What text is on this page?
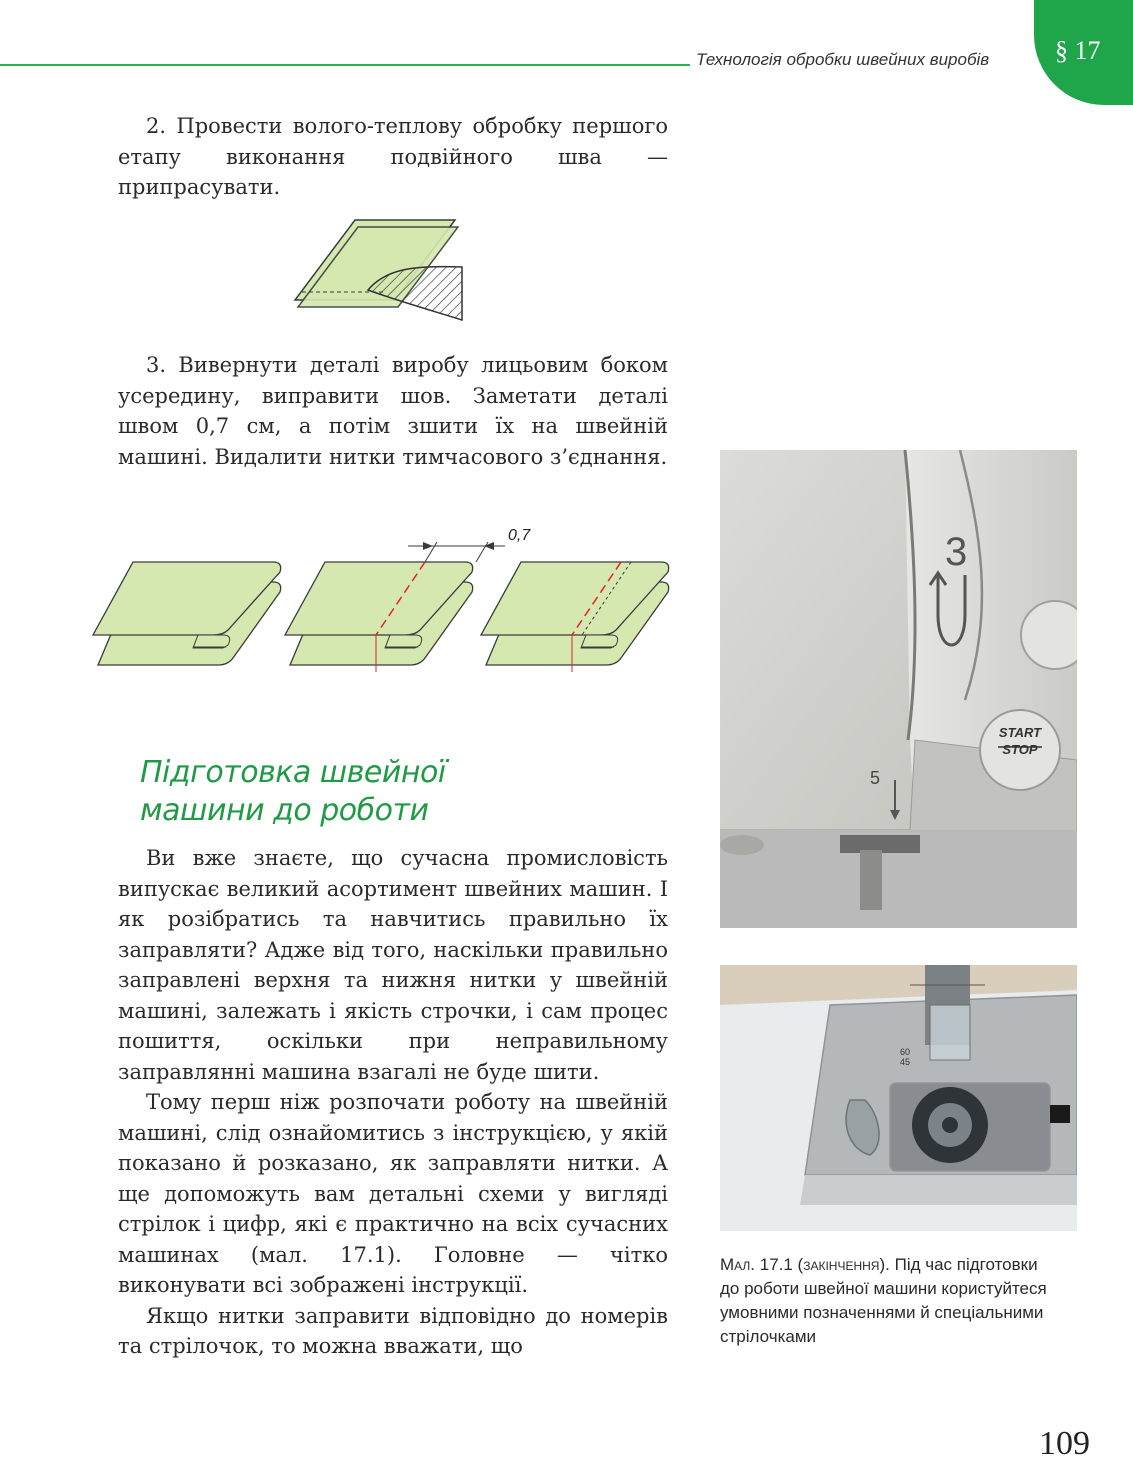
Технологія обробки швейних виробів	§ 17

2. Провести волого-теплову обробку першого етапу виконання подвійного шва — припрасувати.

3. Вивернути деталі виробу лицьовим боком усередину, виправити шов. Заметати деталі швом 0,7 см, а потім зшити їх на швейній машині. Видалити нитки тимчасового з’єднання.

0,7
Підготовка швейної машини до роботи

Ви вже знаєте, що сучасна промисловість випускає великий асортимент швейних машин. І як розібратись та навчитись правильно їх заправляти? Адже від того, наскільки правильно заправлені верхня та нижня нитки у швейній машині, залежать і якість строчки, і сам процес пошиття, оскільки при неправильному заправлянні машина взагалі не буде шити.

Тому перш ніж розпочати роботу на швейній машині, слід ознайомитись з інструкцією, у якій показано й розказано, як заправляти нитки. А ще допоможуть вам детальні схеми у вигляді стрілок і цифр, які є практично на всіх сучасних машинах (мал. 17.1). Головне — чітко виконувати всі зображені інструкції.

Якщо нитки заправити відповідно до номерів та стрілочок, то можна вважати, що

3
5
START
STOP
60
45
Мал. 17.1 (закінчення). Під час підготовки до роботи швейної машини користуйтеся умовними позначеннями й спеціальними стрілочками
109
